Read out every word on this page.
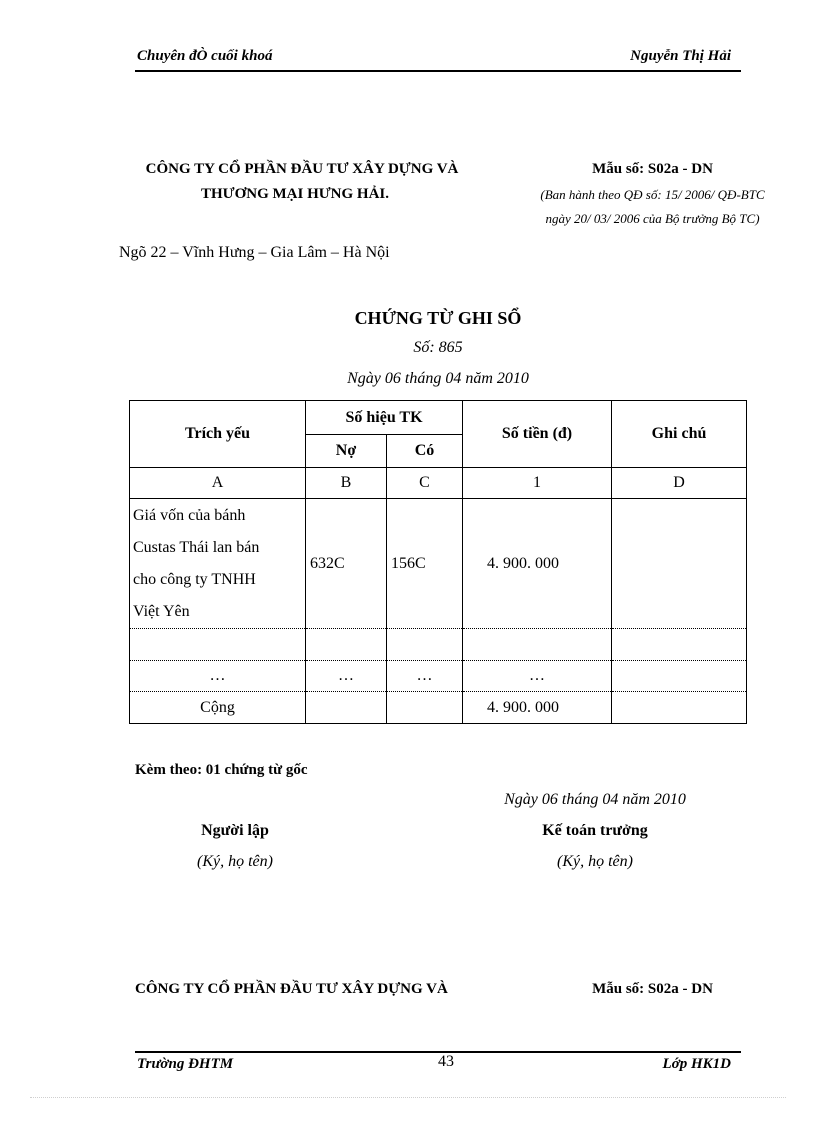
Chuyên đÒ cuối khoá	Nguyễn Thị Hải
CÔNG TY CỔ PHẦN ĐẦU TƯ XÂY DỰNG VÀ
THƯƠNG MẠI HƯNG HẢI.
Ngõ 22 – Vĩnh Hưng – Gia Lâm – Hà Nội
Mẫu số: S02a - DN
(Ban hành theo QĐ số: 15/ 2006/ QĐ-BTC
ngày 20/ 03/ 2006 của Bộ trưởng Bộ TC)
CHỨNG TỪ GHI SỔ
Số: 865
Ngày 06 tháng 04 năm 2010
Trích yếu	Số hiệu TK		Số tiền (đ)	Ghi chú
	Nợ	Có		
A	B	C	1	D

Giá vốn của bánh
Custas Thái lan bán
cho công ty TNHH
Việt Yên	632C	156C	4. 900. 000	

…	…	…	…	
Cộng			4. 900. 000	
Kèm theo: 01 chứng từ gốc
Ngày 06 tháng 04 năm 2010
Người lập
(Ký, họ tên)
Kế toán trưởng
(Ký, họ tên)
CÔNG TY CỔ PHẦN ĐẦU TƯ XÂY DỰNG VÀ	Mẫu số: S02a - DN
Trường ĐHTM	43	Lớp HK1D
